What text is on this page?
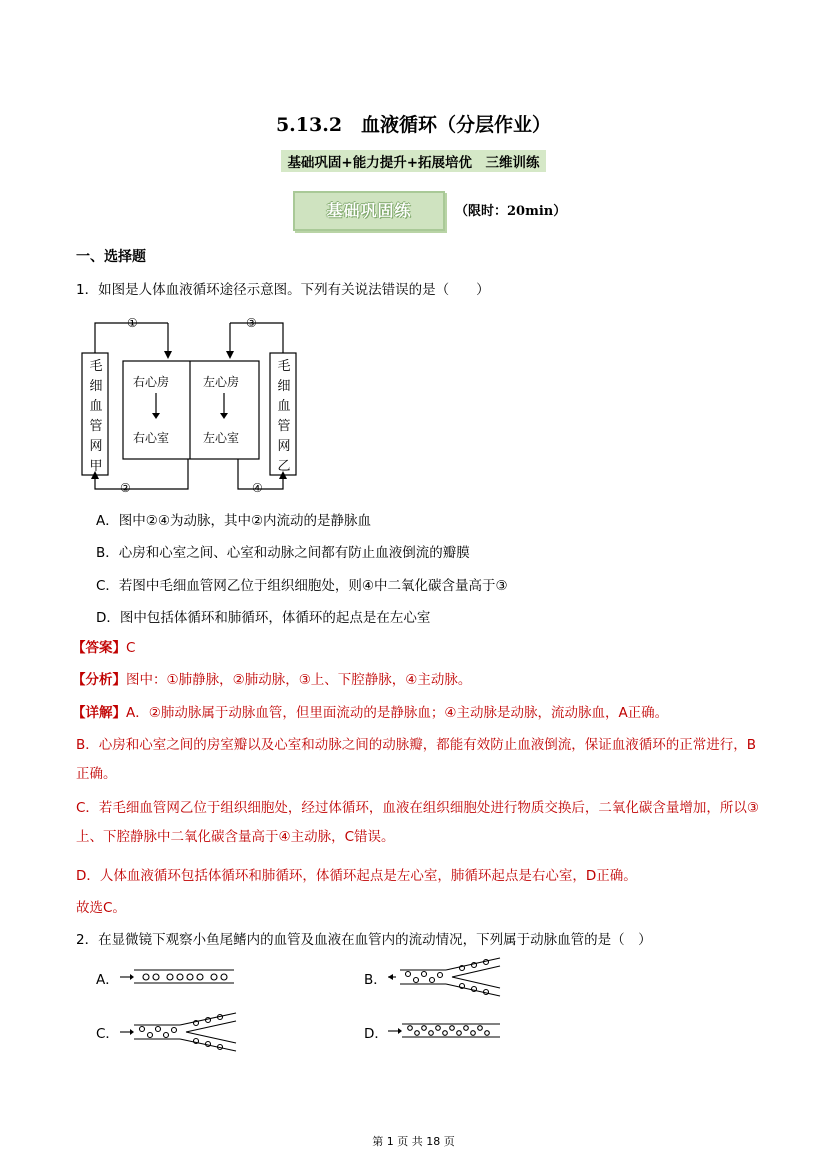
5.13.2　血液循环（分层作业）
基础巩固+能力提升+拓展培优　三维训练
基础巩固练	（限时：20min）
一、选择题
1．如图是人体血液循环途径示意图。下列有关说法错误的是（　　）
①	③
②	④
右心房
右心室
左心房
左心室
毛细血管网甲
毛细血管网乙
A．图中②④为动脉，其中②内流动的是静脉血
B．心房和心室之间、心室和动脉之间都有防止血液倒流的瓣膜
C．若图中毛细血管网乙位于组织细胞处，则④中二氧化碳含量高于③
D．图中包括体循环和肺循环，体循环的起点是在左心室
【答案】C
【分析】图中：①肺静脉，②肺动脉，③上、下腔静脉，④主动脉。
【详解】A．②肺动脉属于动脉血管，但里面流动的是静脉血；④主动脉是动脉，流动脉血，A正确。
B．心房和心室之间的房室瓣以及心室和动脉之间的动脉瓣，都能有效防止血液倒流，保证血液循环的正常进行，B正确。
C．若毛细血管网乙位于组织细胞处，经过体循环，血液在组织细胞处进行物质交换后，二氧化碳含量增加，所以③上、下腔静脉中二氧化碳含量高于④主动脉，C错误。
D．人体血液循环包括体循环和肺循环，体循环起点是左心室，肺循环起点是右心室，D正确。
故选C。
2．在显微镜下观察小鱼尾鳍内的血管及血液在血管内的流动情况，下列属于动脉血管的是（　）
A．	B．
C．	D．
第 1 页 共 18 页
